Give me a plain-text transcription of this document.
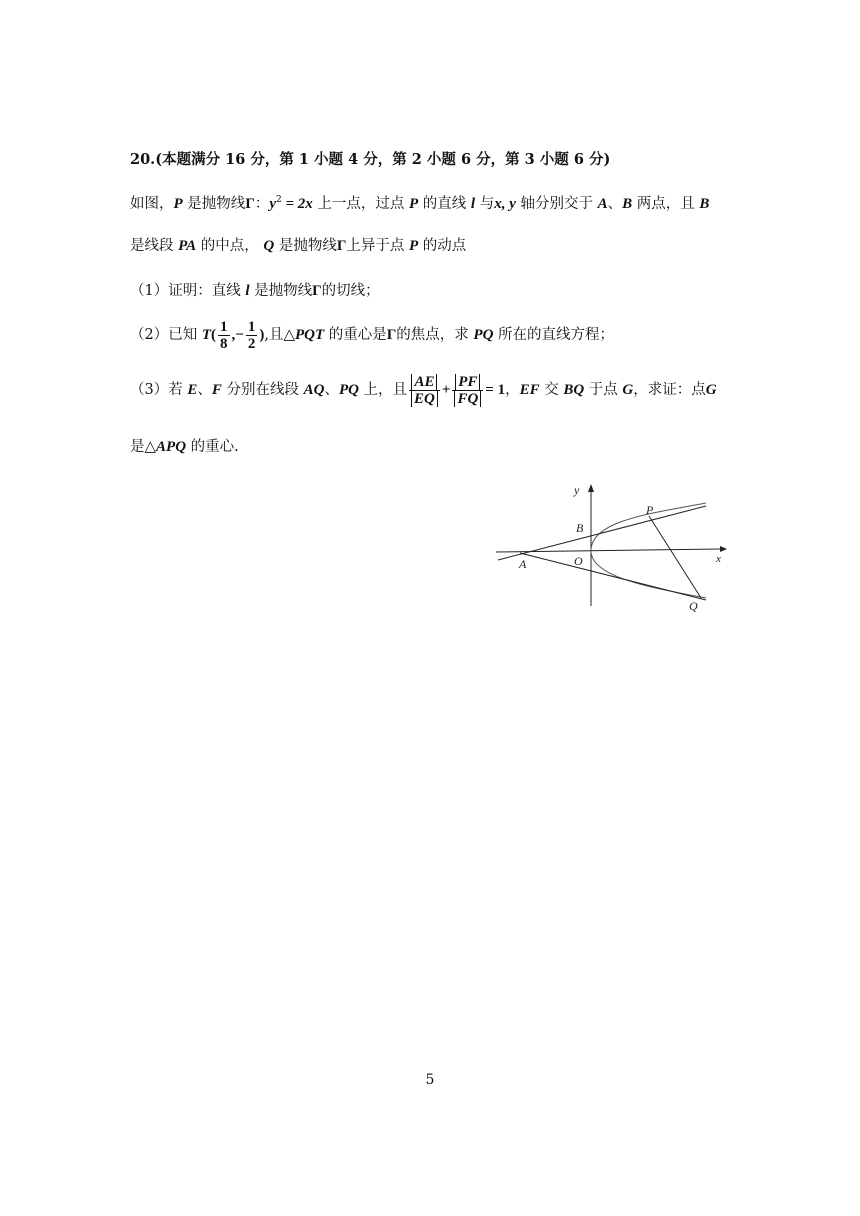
20.(本题满分 16 分，第 1 小题 4 分，第 2 小题 6 分，第 3 小题 6 分)
如图，P 是抛物线Γ：$y^2 = 2x$ 上一点，过点 P 的直线 l 与x, y 轴分别交于 A、B 两点，且 B
是线段 PA 的中点， Q 是抛物线Γ上异于点 P 的动点
（1）证明：直线 l 是抛物线Γ的切线；
（2）已知 $T( \frac{1}{8}$ ,− $\frac{1}{2}$ ),且△PQT 的重心是Γ的焦点，求 PQ 所在的直线方程；
（3）若 E、F 分别在线段 AQ、PQ 上，且 $\frac{AE}{EQ} + \frac{PF}{FQ} = 1$，EF 交 BQ 于点 G，求证：点G
是△APQ 的重心.
y
x
B
O
A
P
Q
5
